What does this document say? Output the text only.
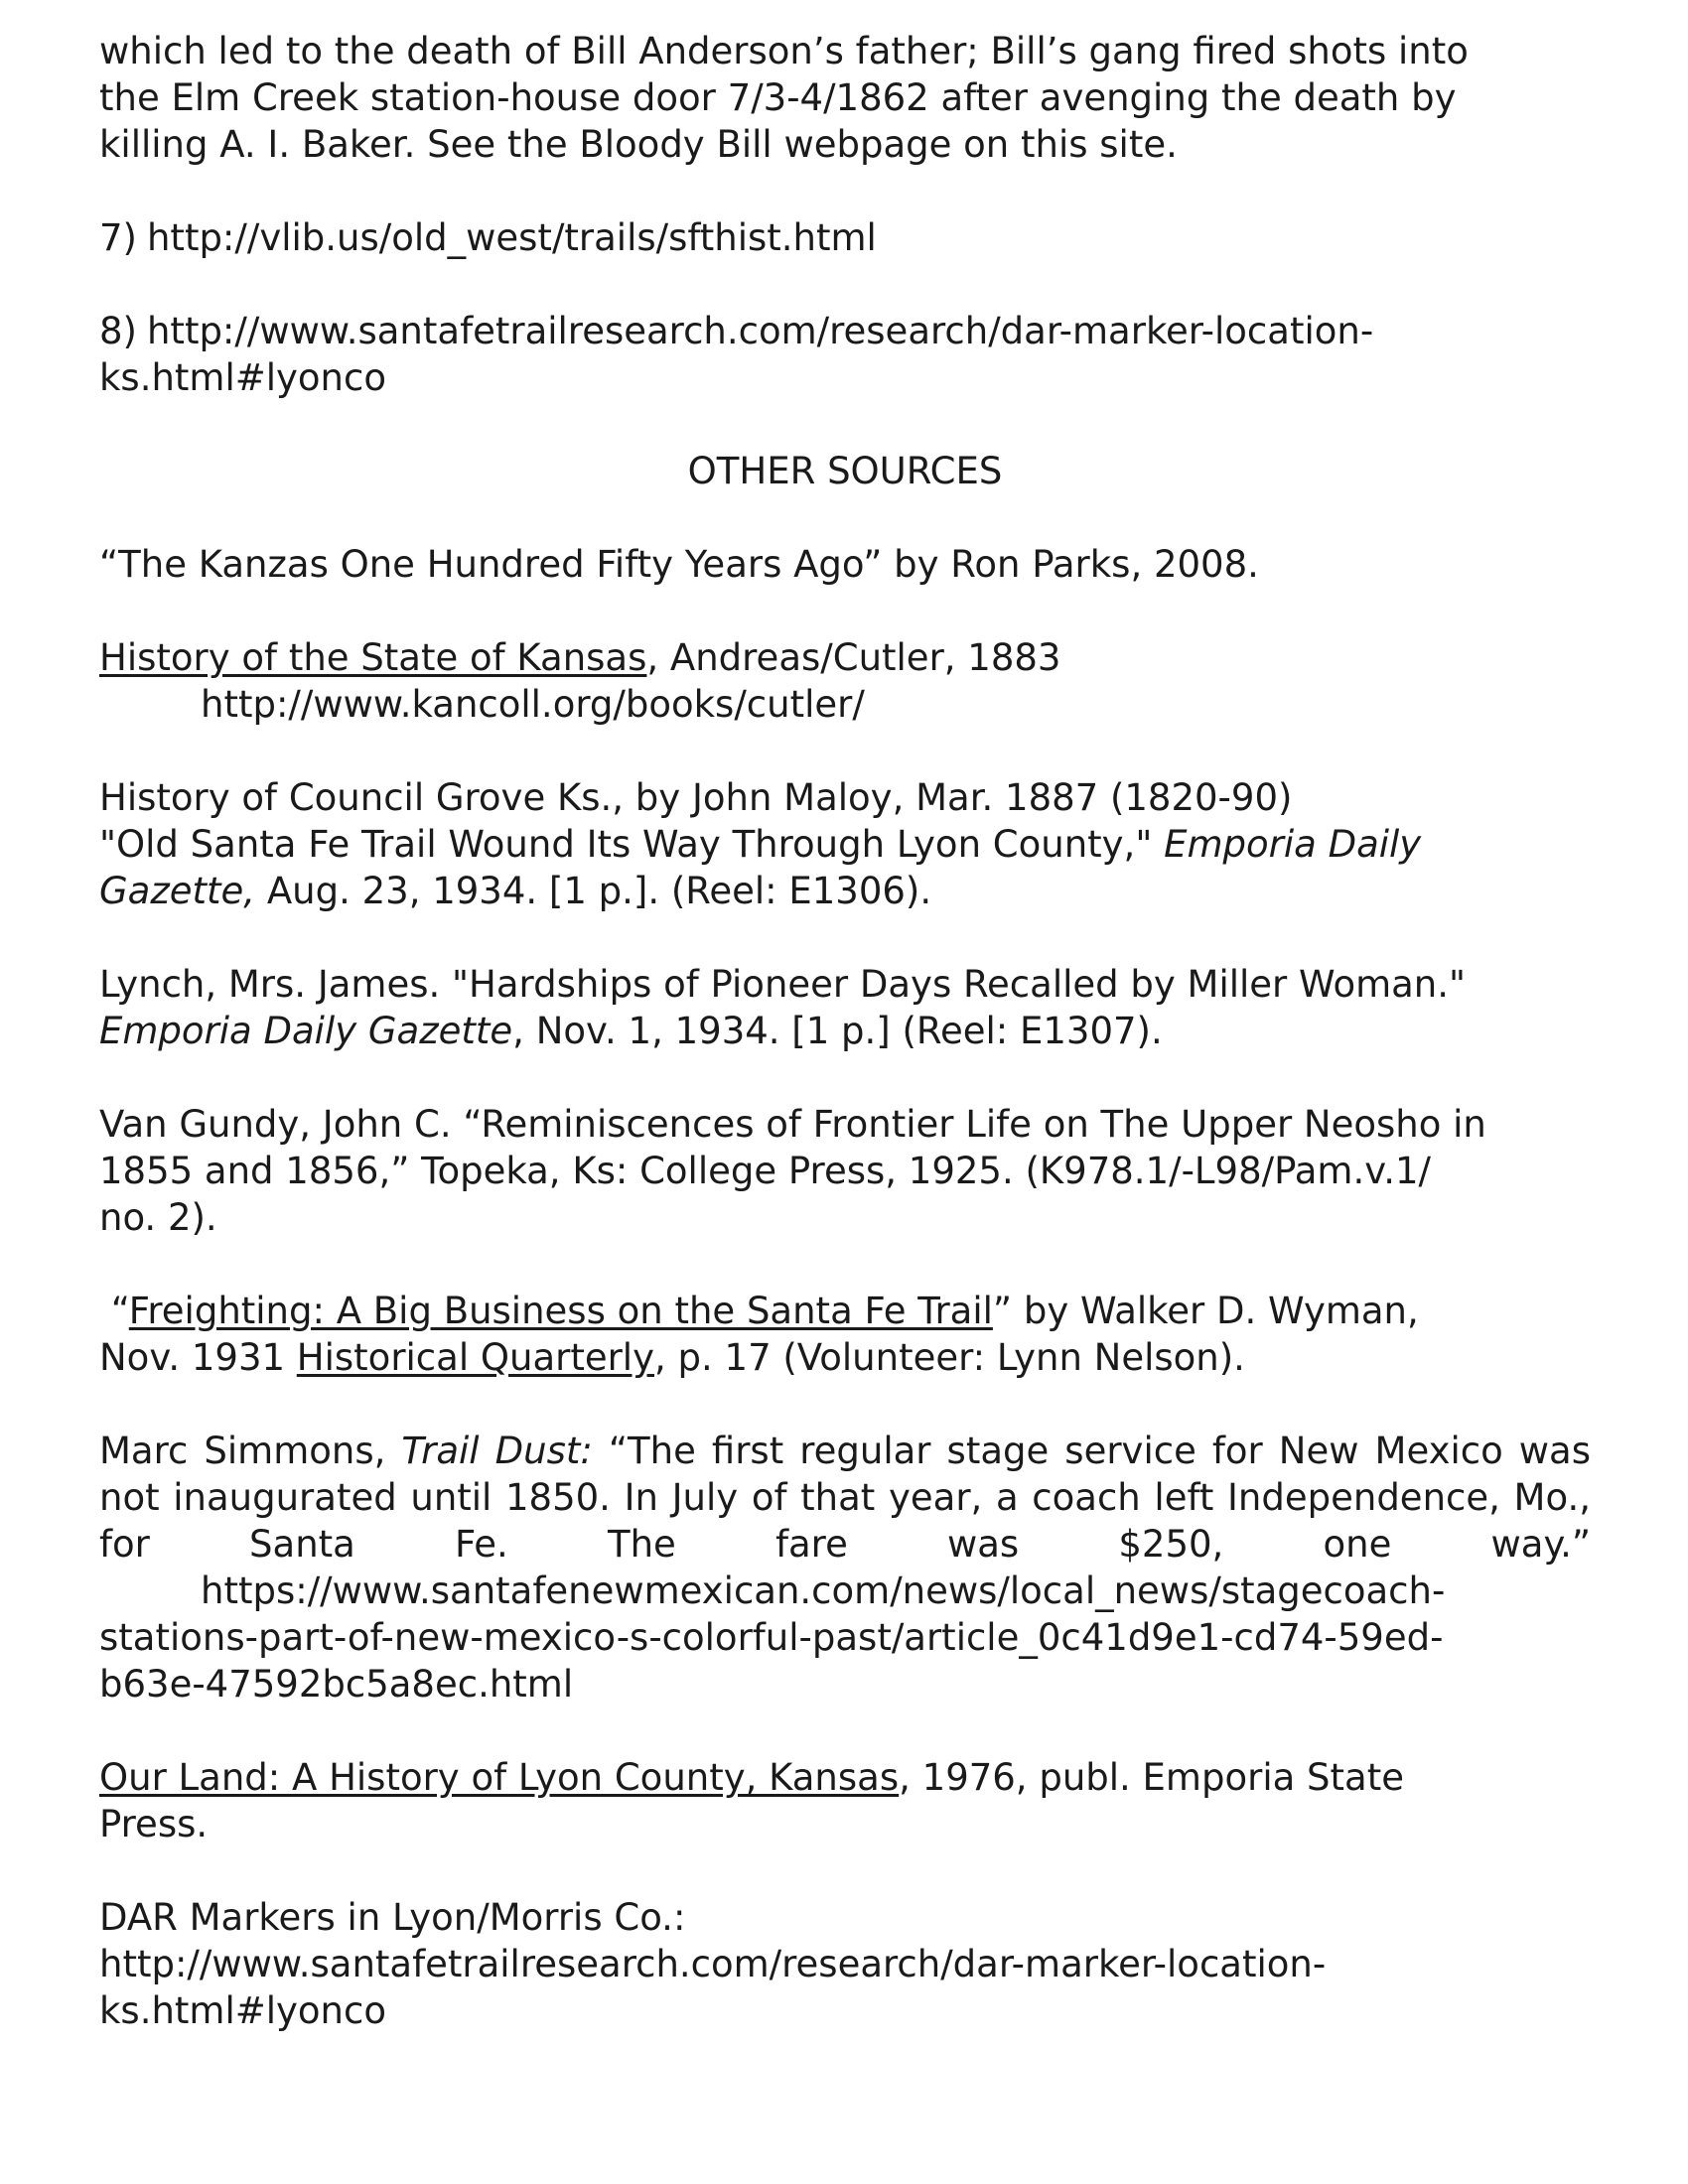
which led to the death of Bill Anderson’s father; Bill’s gang fired shots into
the Elm Creek station-house door 7/3-4/1862 after avenging the death by
killing A. I. Baker. See the Bloody Bill webpage on this site.

7) http://vlib.us/old_west/trails/sfthist.html

8) http://www.santafetrailresearch.com/research/dar-marker-location-
ks.html#lyonco

OTHER SOURCES

“The Kanzas One Hundred Fifty Years Ago” by Ron Parks, 2008.

History of the State of Kansas, Andreas/Cutler, 1883
http://www.kancoll.org/books/cutler/

History of Council Grove Ks., by John Maloy, Mar. 1887 (1820-90)
"Old Santa Fe Trail Wound Its Way Through Lyon County," Emporia Daily
Gazette, Aug. 23, 1934. [1 p.]. (Reel: E1306).

Lynch, Mrs. James. "Hardships of Pioneer Days Recalled by Miller Woman."
Emporia Daily Gazette, Nov. 1, 1934. [1 p.] (Reel: E1307).

Van Gundy, John C. “Reminiscences of Frontier Life on The Upper Neosho in
1855 and 1856,” Topeka, Ks: College Press, 1925. (K978.1/-L98/Pam.v.1/
no. 2).

“Freighting: A Big Business on the Santa Fe Trail” by Walker D. Wyman,
Nov. 1931 Historical Quarterly, p. 17 (Volunteer: Lynn Nelson).

Marc Simmons, Trail Dust: “The first regular stage service for New Mexico was not inaugurated until 1850. In July of that year, a coach left Independence, Mo., for Santa Fe. The fare was $250, one way.”
https://www.santafenewmexican.com/news/local_news/stagecoach-
stations-part-of-new-mexico-s-colorful-past/article_0c41d9e1-cd74-59ed-
b63e-47592bc5a8ec.html

Our Land: A History of Lyon County, Kansas, 1976, publ. Emporia State
Press.

DAR Markers in Lyon/Morris Co.:
http://www.santafetrailresearch.com/research/dar-marker-location-
ks.html#lyonco
